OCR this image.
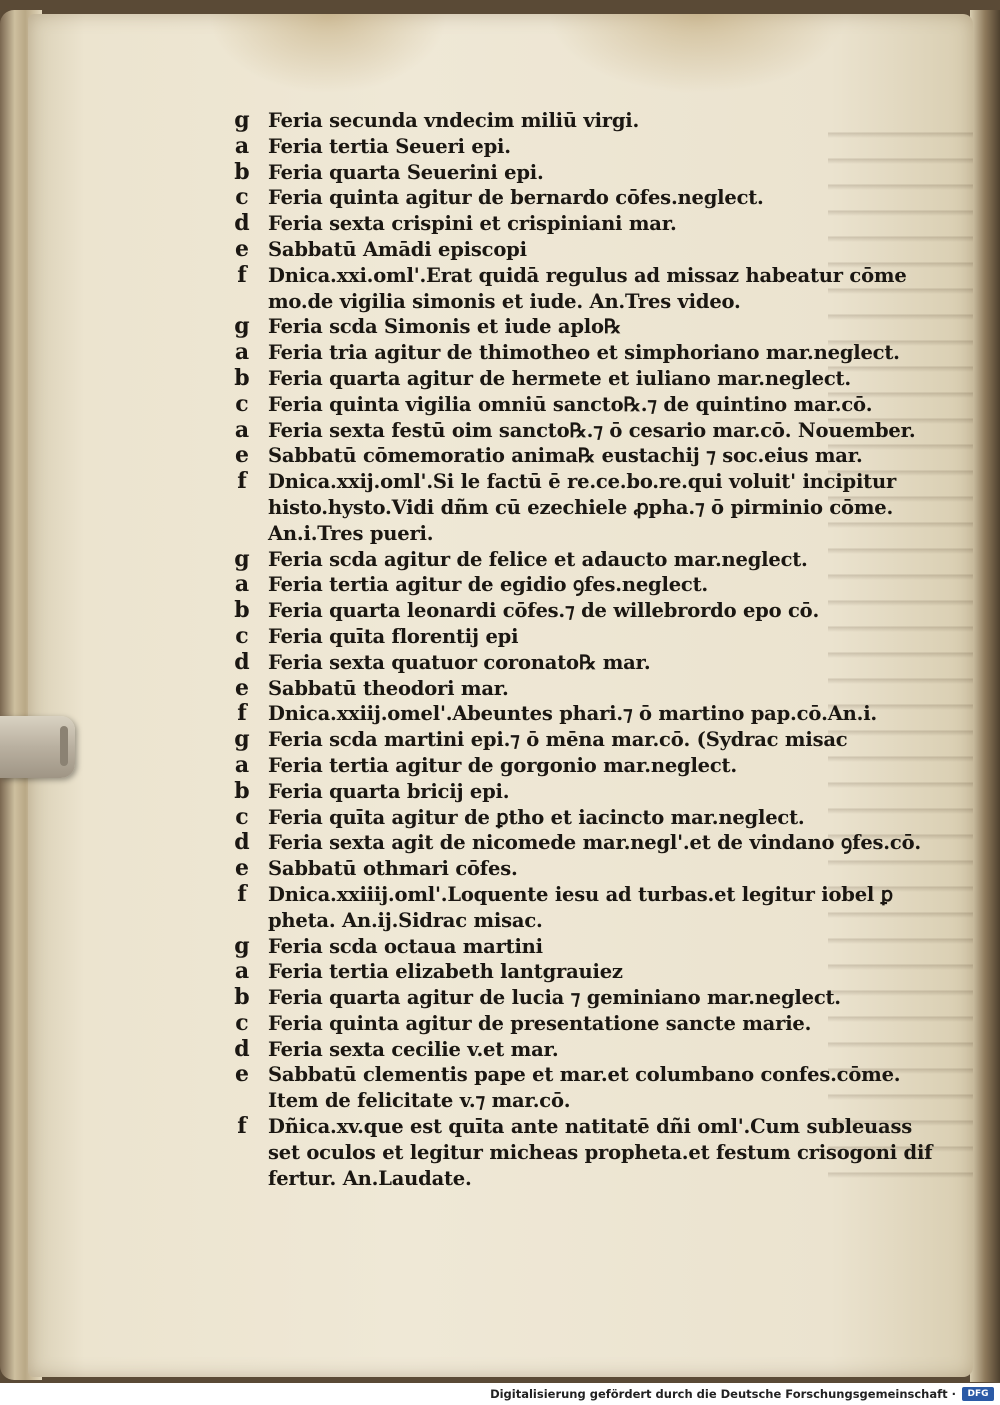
g
a
b
c
d
e
f
g
a
b
c
a
e
f
g
a
b
c
d
e
f
g
a
b
c
d
e
f
g
a
b
c
d
e
f
Feria secunda vndecim miliū virgi.
Feria tertia Seueri epi.
Feria quarta Seuerini epi.
Feria quinta agitur de bernardo cōfes.neglect.
Feria sexta crispini et crispiniani mar.
Sabbatū Amādi episcopi
Dnica.xxi.oml'.Erat quidā regulus ad missaz habeatur cōme
mo.de vigilia simonis et iude. An.Tres video.
Feria scda Simonis et iude aplo℞
Feria tria agitur de thimotheo et simphoriano mar.neglect.
Feria quarta agitur de hermete et iuliano mar.neglect.
Feria quinta vigilia omniū sancto℞.⁊ de quintino mar.cō.
Feria sexta festū oim sancto℞.⁊ ō cesario mar.cō. Nouember.
Sabbatū cōmemoratio anima℞ eustachij ⁊ soc.eius mar.
Dnica.xxij.oml'.Si le factū ē re.ce.bo.re.qui voluit' incipitur
histo.hysto.Vidi dñm cū ezechiele ꝓpha.⁊ ō pirminio cōme.
An.i.Tres pueri.
Feria scda agitur de felice et adaucto mar.neglect.
Feria tertia agitur de egidio ꝯfes.neglect.
Feria quarta leonardi cōfes.⁊ de willebrordo epo cō.
Feria quīta florentij epi
Feria sexta quatuor coronato℞ mar.
Sabbatū theodori mar.
Dnica.xxiij.omel'.Abeuntes phari.⁊ ō martino pap.cō.An.i.
Feria scda martini epi.⁊ ō mēna mar.cō. (Sydrac misac
Feria tertia agitur de gorgonio mar.neglect.
Feria quarta bricij epi.
Feria quīta agitur de ꝑtho et iacincto mar.neglect.
Feria sexta agit de nicomede mar.negl'.et de vindano ꝯfes.cō.
Sabbatū othmari cōfes.
Dnica.xxiiij.oml'.Loquente iesu ad turbas.et legitur iobel ꝑ
pheta. An.ij.Sidrac misac.
Feria scda octaua martini
Feria tertia elizabeth lantgrauiez
Feria quarta agitur de lucia ⁊ geminiano mar.neglect.
Feria quinta agitur de presentatione sancte marie.
Feria sexta cecilie v.et mar.
Sabbatū clementis pape et mar.et columbano confes.cōme.
Item de felicitate v.⁊ mar.cō.
Dñica.xv.que est quīta ante natitatē dñi oml'.Cum subleuass
set oculos et legitur micheas propheta.et festum crisogoni dif
fertur. An.Laudate.
Digitalisierung gefördert durch die Deutsche Forschungsgemeinschaft ·	DFG
